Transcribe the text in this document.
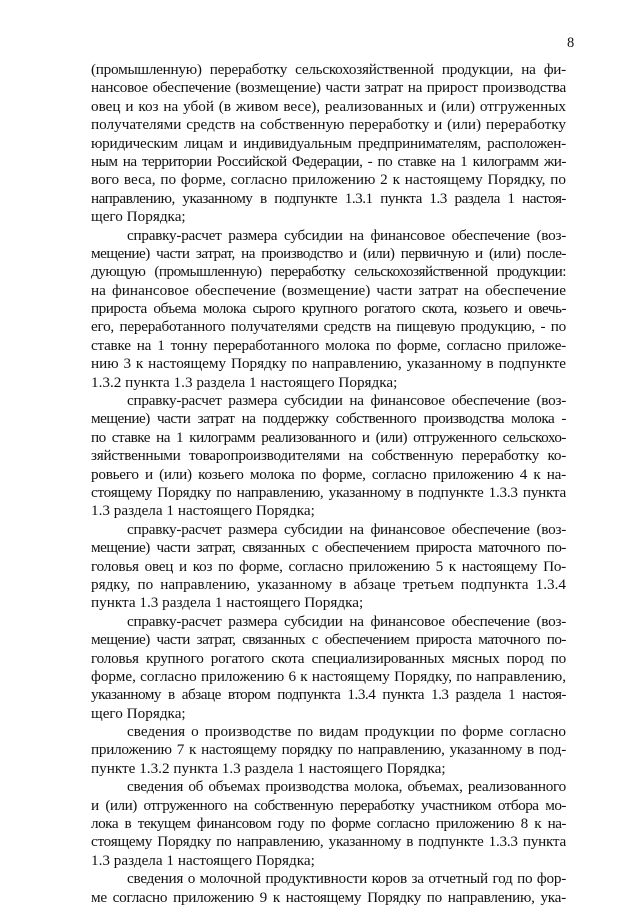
8
(промышленную) переработку сельскохозяйственной продукции, на фи-
нансовое обеспечение (возмещение) части затрат на прирост производства
овец и коз на убой (в живом весе), реализованных и (или) отгруженных
получателями средств на собственную переработку и (или) переработку
юридическим лицам и индивидуальным предпринимателям, расположен-
ным на территории Российской Федерации, - по ставке на 1 килограмм жи-
вого веса, по форме, согласно приложению 2 к настоящему Порядку, по
направлению, указанному в подпункте 1.3.1 пункта 1.3 раздела 1 настоя-
щего Порядка;
справку-расчет размера субсидии на финансовое обеспечение (воз-
мещение) части затрат, на производство и (или) первичную и (или) после-
дующую (промышленную) переработку сельскохозяйственной продукции:
на финансовое обеспечение (возмещение) части затрат на обеспечение
прироста объема молока сырого крупного рогатого скота, козьего и овечь-
его, переработанного получателями средств на пищевую продукцию, - по
ставке на 1 тонну переработанного молока по форме, согласно приложе-
нию 3 к настоящему Порядку по направлению, указанному в подпункте
1.3.2 пункта 1.3 раздела 1 настоящего Порядка;
справку-расчет размера субсидии на финансовое обеспечение (воз-
мещение) части затрат на поддержку собственного производства молока -
по ставке на 1 килограмм реализованного и (или) отгруженного сельскохо-
зяйственными товаропроизводителями на собственную переработку ко-
ровьего и (или) козьего молока по форме, согласно приложению 4 к на-
стоящему Порядку по направлению, указанному в подпункте 1.3.3 пункта
1.3 раздела 1 настоящего Порядка;
справку-расчет размера субсидии на финансовое обеспечение (воз-
мещение) части затрат, связанных с обеспечением прироста маточного по-
головья овец и коз по форме, согласно приложению 5 к настоящему По-
рядку, по направлению, указанному в абзаце третьем подпункта 1.3.4
пункта 1.3 раздела 1 настоящего Порядка;
справку-расчет размера субсидии на финансовое обеспечение (воз-
мещение) части затрат, связанных с обеспечением прироста маточного по-
головья крупного рогатого скота специализированных мясных пород по
форме, согласно приложению 6 к настоящему Порядку, по направлению,
указанному в абзаце втором подпункта 1.3.4 пункта 1.3 раздела 1 настоя-
щего Порядка;
сведения о производстве по видам продукции по форме согласно
приложению 7 к настоящему порядку по направлению, указанному в под-
пункте 1.3.2 пункта 1.3 раздела 1 настоящего Порядка;
сведения об объемах производства молока, объемах, реализованного
и (или) отгруженного на собственную переработку участником отбора мо-
лока в текущем финансовом году по форме согласно приложению 8 к на-
стоящему Порядку по направлению, указанному в подпункте 1.3.3 пункта
1.3 раздела 1 настоящего Порядка;
сведения о молочной продуктивности коров за отчетный год по фор-
ме согласно приложению 9 к настоящему Порядку по направлению, ука-
